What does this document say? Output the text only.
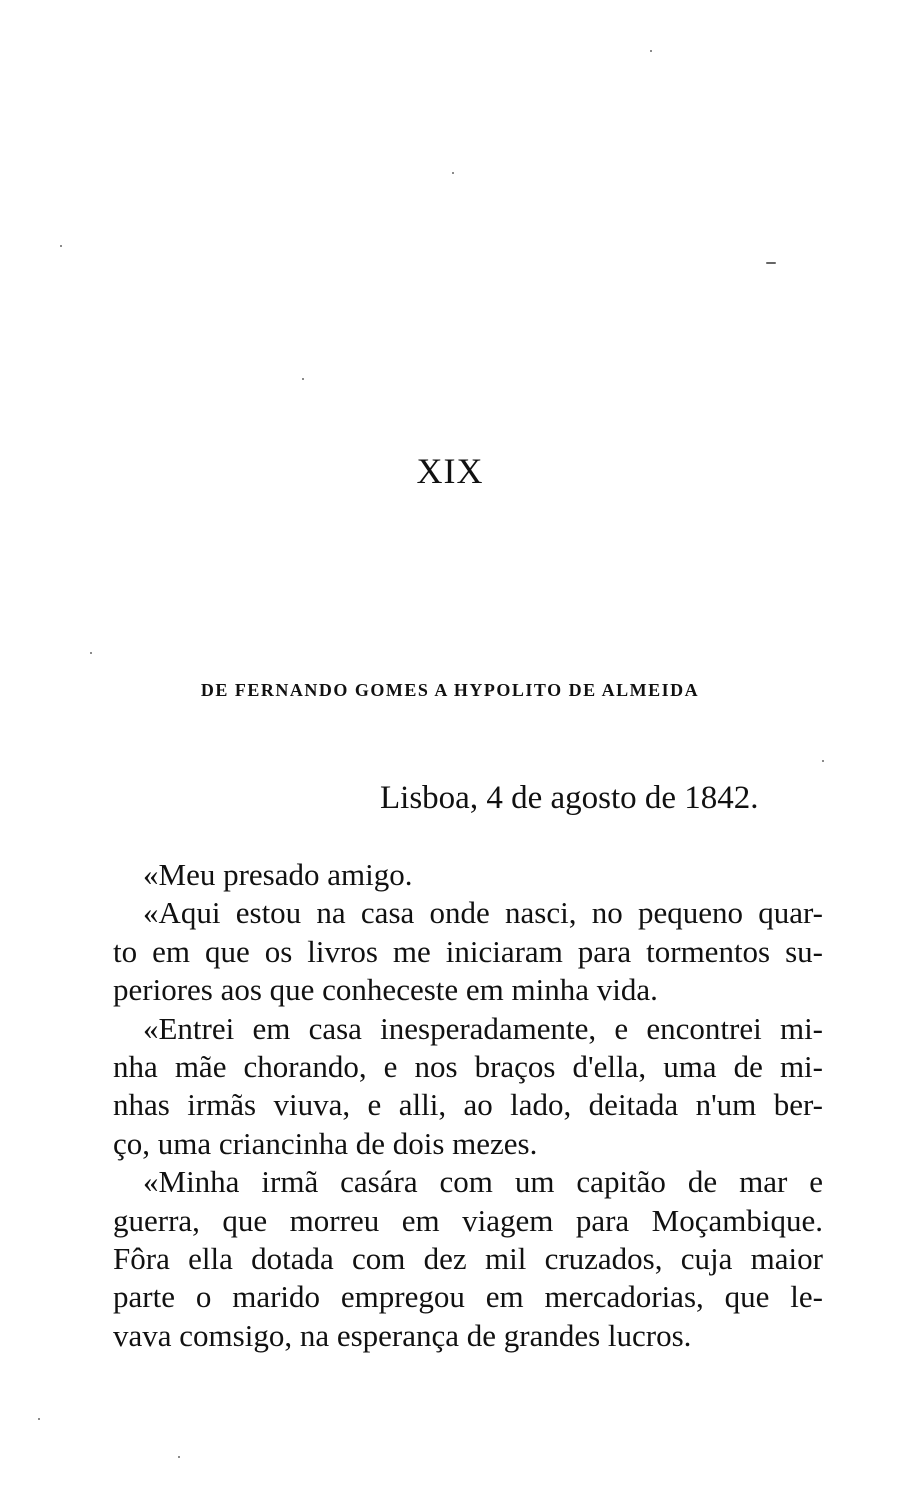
XIX
DE FERNANDO GOMES A HYPOLITO DE ALMEIDA
Lisboa, 4 de agosto de 1842.
«Meu presado amigo.
«Aqui estou na casa onde nasci, no pequeno quar-
to em que os livros me iniciaram para tormentos su-
periores aos que conheceste em minha vida.
«Entrei em casa inesperadamente, e encontrei mi-
nha mãe chorando, e nos braços d'ella, uma de mi-
nhas irmãs viuva, e alli, ao lado, deitada n'um ber-
ço, uma criancinha de dois mezes.
«Minha irmã casára com um capitão de mar e
guerra, que morreu em viagem para Moçambique.
Fôra ella dotada com dez mil cruzados, cuja maior
parte o marido empregou em mercadorias, que le-
vava comsigo, na esperança de grandes lucros.
